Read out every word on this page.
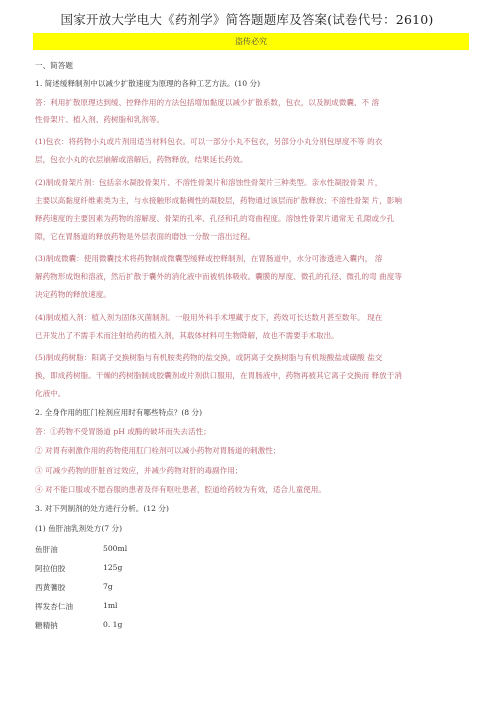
国家开放大学电大《药剂学》简答题题库及答案(试卷代号：2610)
盗传必究
一、简答题
1. 简述缓释制剂中以减少扩散速度为原理的各种工艺方法。(10 分)
答：利用扩散原理达到缓、控释作用的方法包括增加黏度以减少扩散系数，包衣，以及制成微囊、不 溶
性骨架片、植入剂、药树脂和乳剂等。
(1)包衣：将药物小丸或片剂用适当材料包衣。可以一部分小丸不包衣，另部分小丸分别包厚度不等 的衣
层，包衣小丸的衣层崩解或溶解后，药物释放，结果延长药效。
(2)制成骨架片剂：包括亲水凝胶骨架片、不溶性骨架片和溶蚀性骨架片三种类型。亲水性凝胶骨架 片，
主要以高黏度纤维素类为主，与水接触形成黏稠性的凝胶层，药物通过该层而扩散释放；不溶性骨架 片，影响
释药速度的主要因素为药物的溶解度、骨架的孔率、孔径和孔的弯曲程度。溶蚀性骨架片通常无 孔隙或少孔
隙，它在胃肠道的释放药物是外层表面的磨蚀一分散一溶出过程。
(3)制成微囊：使用微囊技术将药物制成微囊型缓释或控释制剂，在胃肠道中，水分可渗透进入囊内， 溶
解药物形成饱和溶液，然后扩散于囊外的消化液中而被机体吸收。囊膜的厚度、微孔的孔径、微孔的弯 曲度等
决定药物的释放速度。
(4)制成植入剂：植入剂为固体灭菌制剂。一般用外科手术埋藏于皮下，药效可长达数月甚至数年。 现在
已开发出了不需手术而注射给药的植入剂，其载体材料可生物降解，故也不需要手术取出。
(5)制成药树脂：阳离子交换树脂与有机胺类药物的盐交换，或阴离子交换树脂与有机羧酸盐或磺酸 盐交
换，即成药树脂。干燥的药树脂制成胶囊剂或片剂供口服用，在胃肠液中，药物再被其它离子交换而 释放于消
化液中。
2. 全身作用的肛门栓剂应用时有哪些特点？(8 分)
答：①药物不受胃肠道 pH 或酶的破坏而失去活性；
② 对胃有刺激作用的药物使用肛门栓剂可以减小药物对胃肠道的刺激性；
③ 可减少药物的肝脏首过效应，并减少药物对肝的毒副作用；
④ 对不能口服或不愿吞服的患者及伴有呕吐患者，腔道给药较为有效，适合儿童使用。
3. 对下列制剂的处方进行分析。(12 分)
(1) 鱼肝油乳剂处方(7 分)
鱼肝油	500ml
阿拉伯胶	125g
西黄蓍胶	7g
挥发杏仁油	1ml
糖精钠	0. 1g
